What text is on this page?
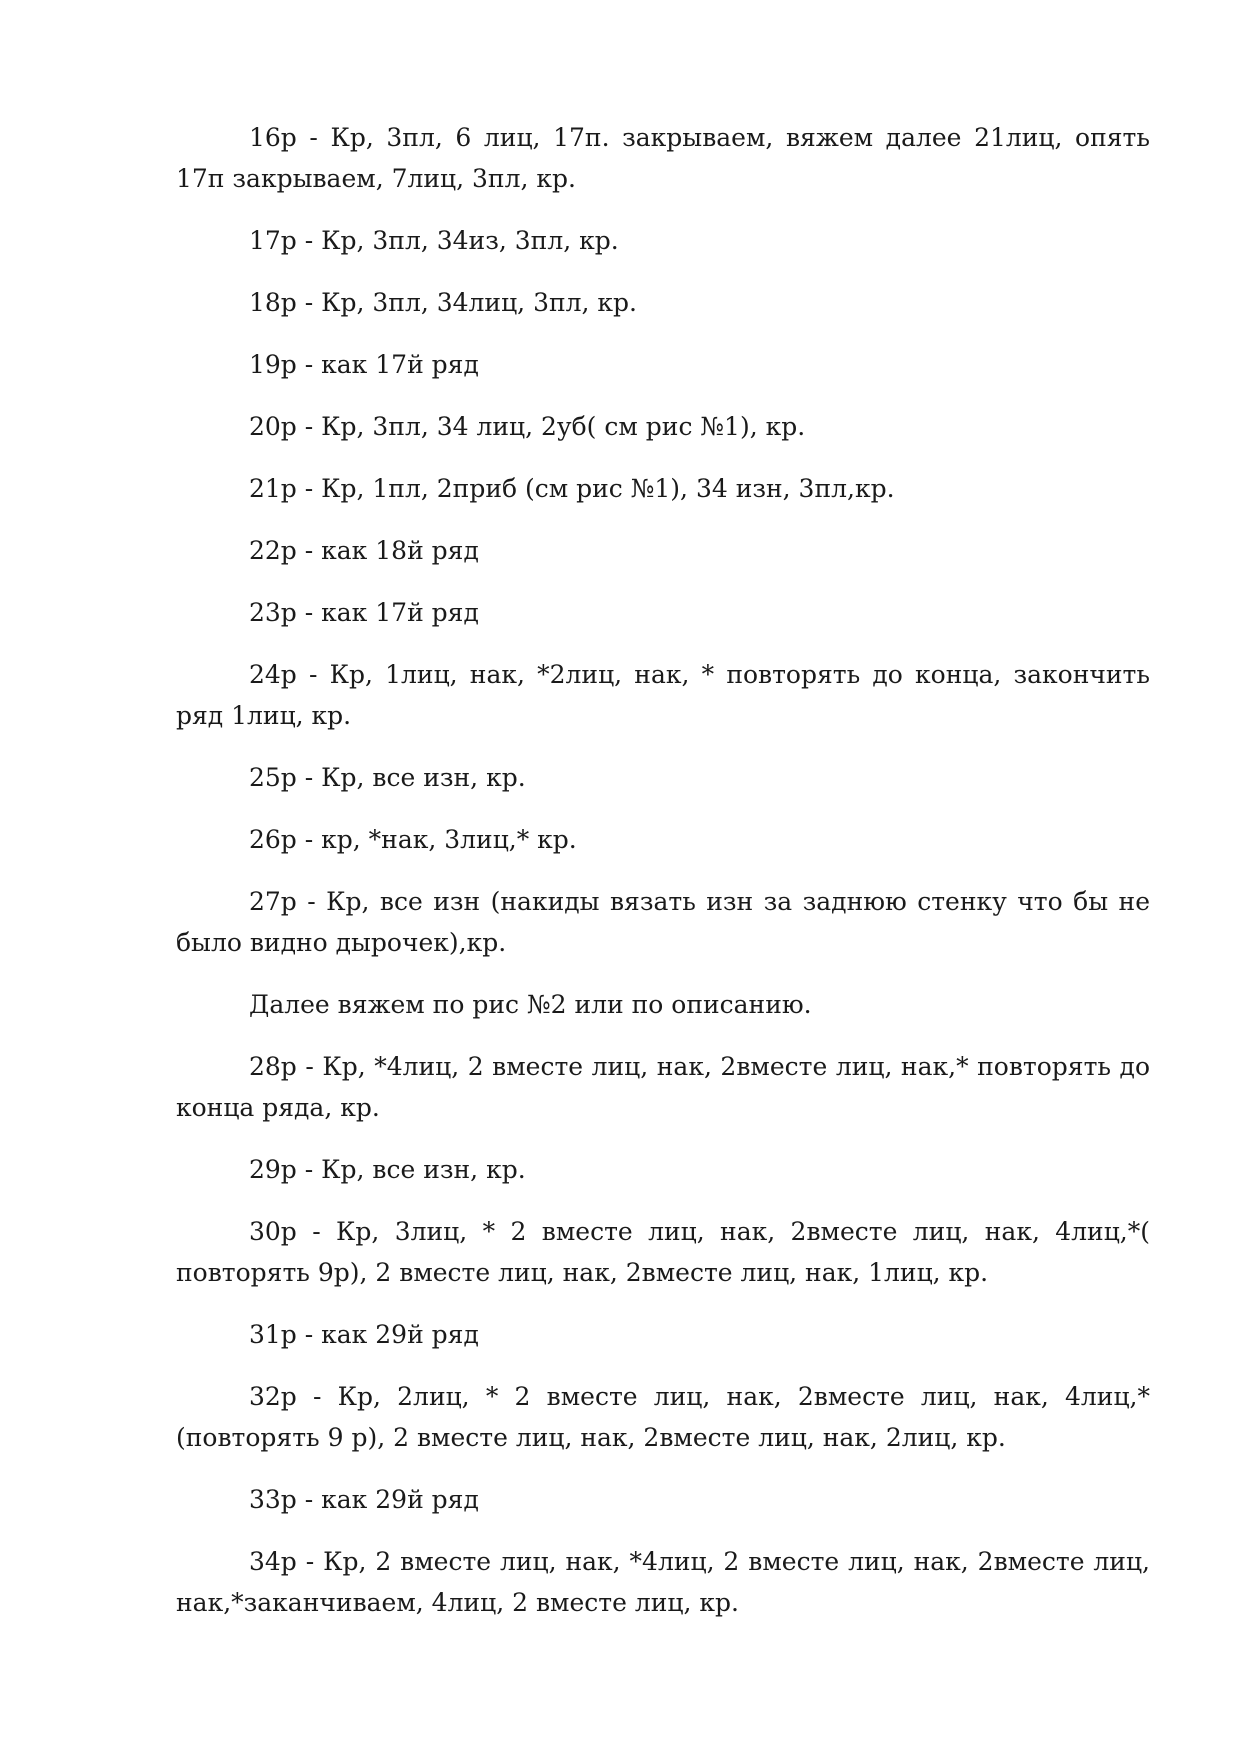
16р - Кр, 3пл, 6 лиц, 17п. закрываем, вяжем далее 21лиц, опять 17п закрываем, 7лиц, 3пл, кр.

17р - Кр, 3пл, 34из, 3пл, кр.

18р - Кр, 3пл, 34лиц, 3пл, кр.

19р - как 17й ряд

20р - Кр, 3пл, 34 лиц, 2уб( см рис №1), кр.

21р - Кр, 1пл, 2приб (см рис №1), 34 изн, 3пл,кр.

22р - как 18й ряд

23р - как 17й ряд

24р - Кр, 1лиц, нак, *2лиц, нак, * повторять до конца, закончить ряд 1лиц, кр.

25р - Кр, все изн, кр.

26р - кр, *нак, 3лиц,* кр.

27р - Кр, все изн (накиды вязать изн за заднюю стенку что бы не было видно дырочек),кр.

Далее вяжем по рис №2 или по описанию.

28р - Кр, *4лиц, 2 вместе лиц, нак, 2вместе лиц, нак,* повторять до конца ряда, кр.

29р - Кр, все изн, кр.

30р - Кр, 3лиц, * 2 вместе лиц, нак, 2вместе лиц, нак, 4лиц,*( повторять 9р), 2 вместе лиц, нак, 2вместе лиц, нак, 1лиц, кр.

31р - как 29й ряд

32р - Кр, 2лиц, * 2 вместе лиц, нак, 2вместе лиц, нак, 4лиц,*(повторять 9 р), 2 вместе лиц, нак, 2вместе лиц, нак, 2лиц, кр.

33р - как 29й ряд

34р - Кр, 2 вместе лиц, нак, *4лиц, 2 вместе лиц, нак, 2вместе лиц, нак,*заканчиваем, 4лиц, 2 вместе лиц, кр.
